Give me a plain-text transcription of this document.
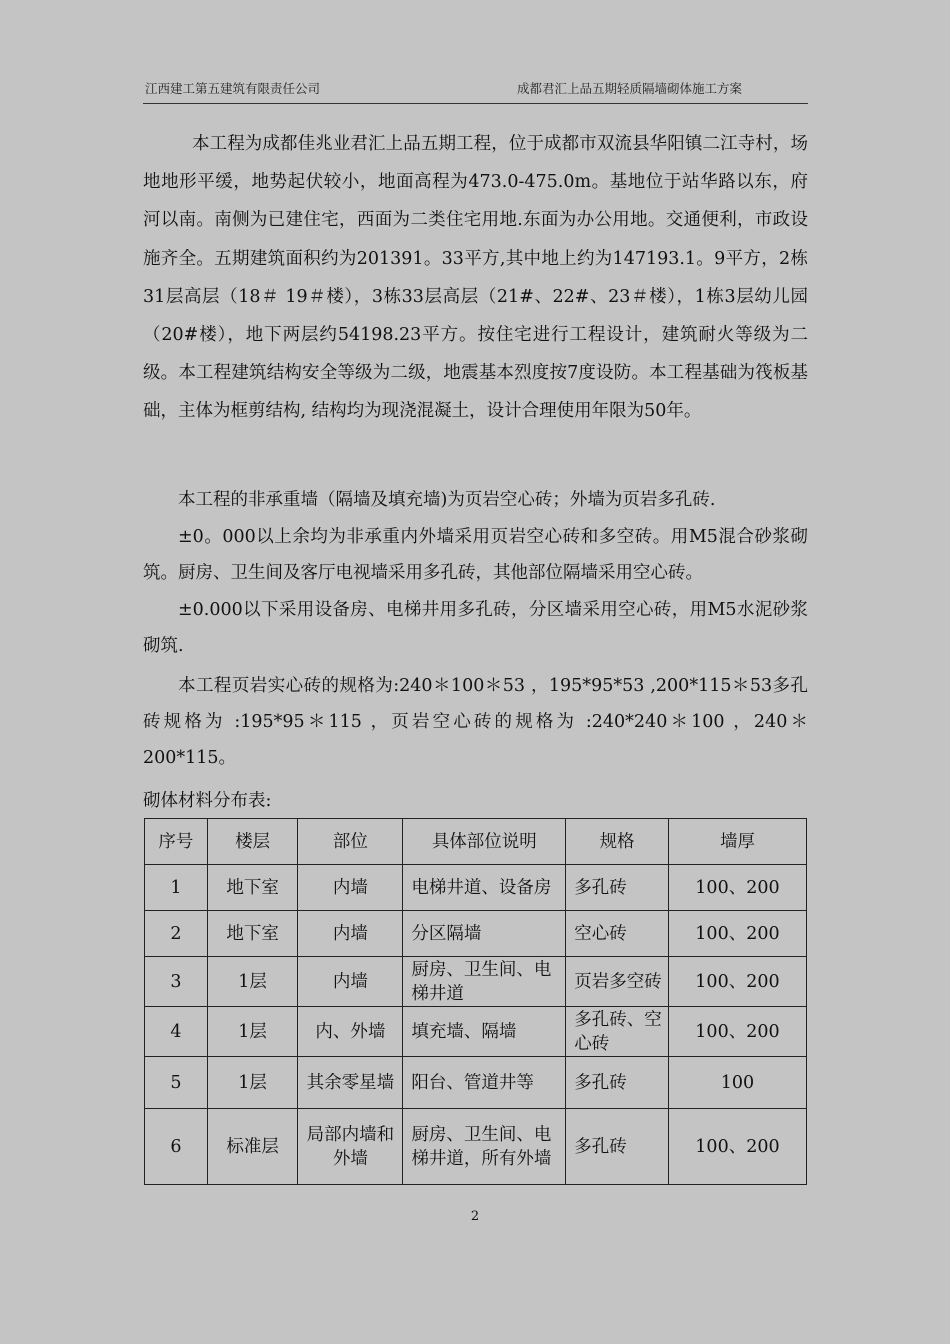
江西建工第五建筑有限责任公司	成都君汇上品五期轻质隔墙砌体施工方案

本工程为成都佳兆业君汇上品五期工程，位于成都市双流县华阳镇二江寺村，场地地形平缓，地势起伏较小，地面高程为473.0-475.0m。基地位于站华路以东，府河以南。南侧为已建住宅，西面为二类住宅用地.东面为办公用地。交通便利，市政设施齐全。五期建筑面积约为201391。33平方,其中地上约为147193.1。9平方，2栋31层高层（18＃ 19＃楼），3栋33层高层（21#、22#、23＃楼），1栋3层幼儿园（20#楼），地下两层约54198.23平方。按住宅进行工程设计，建筑耐火等级为二级。本工程建筑结构安全等级为二级，地震基本烈度按7度设防。本工程基础为筏板基础，主体为框剪结构, 结构均为现浇混凝土，设计合理使用年限为50年。

本工程的非承重墙（隔墙及填充墙)为页岩空心砖；外墙为页岩多孔砖.
±0。000以上余均为非承重内外墙采用页岩空心砖和多空砖。用M5混合砂浆砌筑。厨房、卫生间及客厅电视墙采用多孔砖，其他部位隔墙采用空心砖。
±0.000以下采用设备房、电梯井用多孔砖，分区墙采用空心砖，用M5水泥砂浆砌筑.

本工程页岩实心砖的规格为:240＊100＊53 ，195*95*53 ,200*115＊53多孔砖规格为 :195*95＊115 ，页岩空心砖的规格为 :240*240＊100 ，240＊200*115。

砌体材料分布表:
序号	楼层	部位	具体部位说明	规格	墙厚
1	地下室	内墙	电梯井道、设备房	多孔砖	100、200
2	地下室	内墙	分区隔墙	空心砖	100、200
3	1层	内墙	厨房、卫生间、电梯井道	页岩多空砖	100、200
4	1层	内、外墙	填充墙、隔墙	多孔砖、空心砖	100、200
5	1层	其余零星墙	阳台、管道井等	多孔砖	100
6	标准层	局部内墙和外墙	厨房、卫生间、电梯井道，所有外墙	多孔砖	100、200
2
